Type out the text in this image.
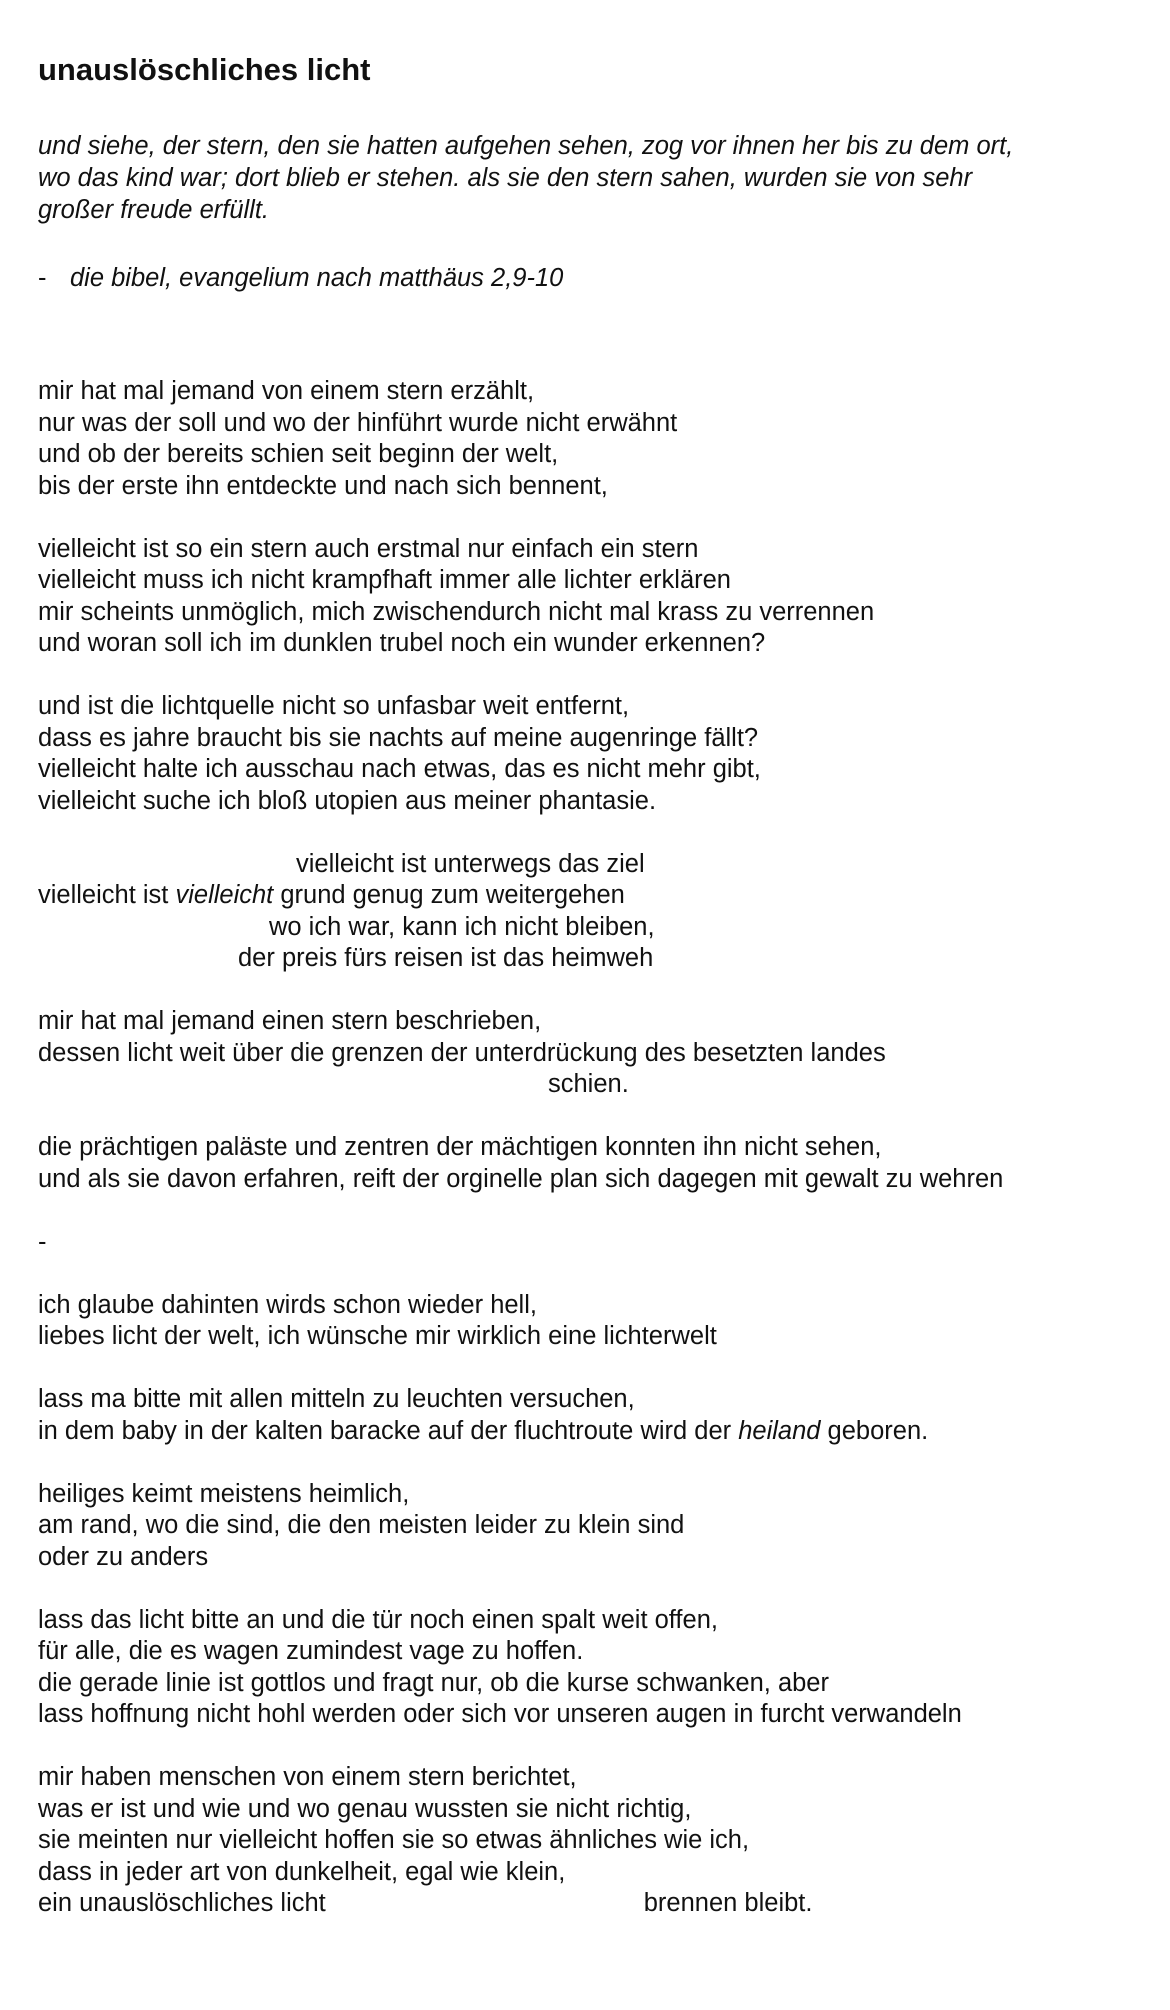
unauslöschliches licht
und siehe, der stern, den sie hatten aufgehen sehen, zog vor ihnen her bis zu dem ort,
wo das kind war; dort blieb er stehen. als sie den stern sahen, wurden sie von sehr
großer freude erfüllt.
- die bibel, evangelium nach matthäus 2,9-10
mir hat mal jemand von einem stern erzählt,
nur was der soll und wo der hinführt wurde nicht erwähnt
und ob der bereits schien seit beginn der welt,
bis der erste ihn entdeckte und nach sich bennent,
vielleicht ist so ein stern auch erstmal nur einfach ein stern
vielleicht muss ich nicht krampfhaft immer alle lichter erklären
mir scheints unmöglich, mich zwischendurch nicht mal krass zu verrennen
und woran soll ich im dunklen trubel noch ein wunder erkennen?
und ist die lichtquelle nicht so unfasbar weit entfernt,
dass es jahre braucht bis sie nachts auf meine augenringe fällt?
vielleicht halte ich ausschau nach etwas, das es nicht mehr gibt,
vielleicht suche ich bloß utopien aus meiner phantasie.
vielleicht ist unterwegs das ziel
vielleicht ist vielleicht grund genug zum weitergehen
wo ich war, kann ich nicht bleiben,
der preis fürs reisen ist das heimweh
mir hat mal jemand einen stern beschrieben,
dessen licht weit über die grenzen der unterdrückung des besetzten landes
schien.
die prächtigen paläste und zentren der mächtigen konnten ihn nicht sehen,
und als sie davon erfahren, reift der orginelle plan sich dagegen mit gewalt zu wehren
-
ich glaube dahinten wirds schon wieder hell,
liebes licht der welt, ich wünsche mir wirklich eine lichterwelt
lass ma bitte mit allen mitteln zu leuchten versuchen,
in dem baby in der kalten baracke auf der fluchtroute wird der heiland geboren.
heiliges keimt meistens heimlich,
am rand, wo die sind, die den meisten leider zu klein sind
oder zu anders
lass das licht bitte an und die tür noch einen spalt weit offen,
für alle, die es wagen zumindest vage zu hoffen.
die gerade linie ist gottlos und fragt nur, ob die kurse schwanken, aber
lass hoffnung nicht hohl werden oder sich vor unseren augen in furcht verwandeln
mir haben menschen von einem stern berichtet,
was er ist und wie und wo genau wussten sie nicht richtig,
sie meinten nur vielleicht hoffen sie so etwas ähnliches wie ich,
dass in jeder art von dunkelheit, egal wie klein,
ein unauslöschliches licht	brennen bleibt.
